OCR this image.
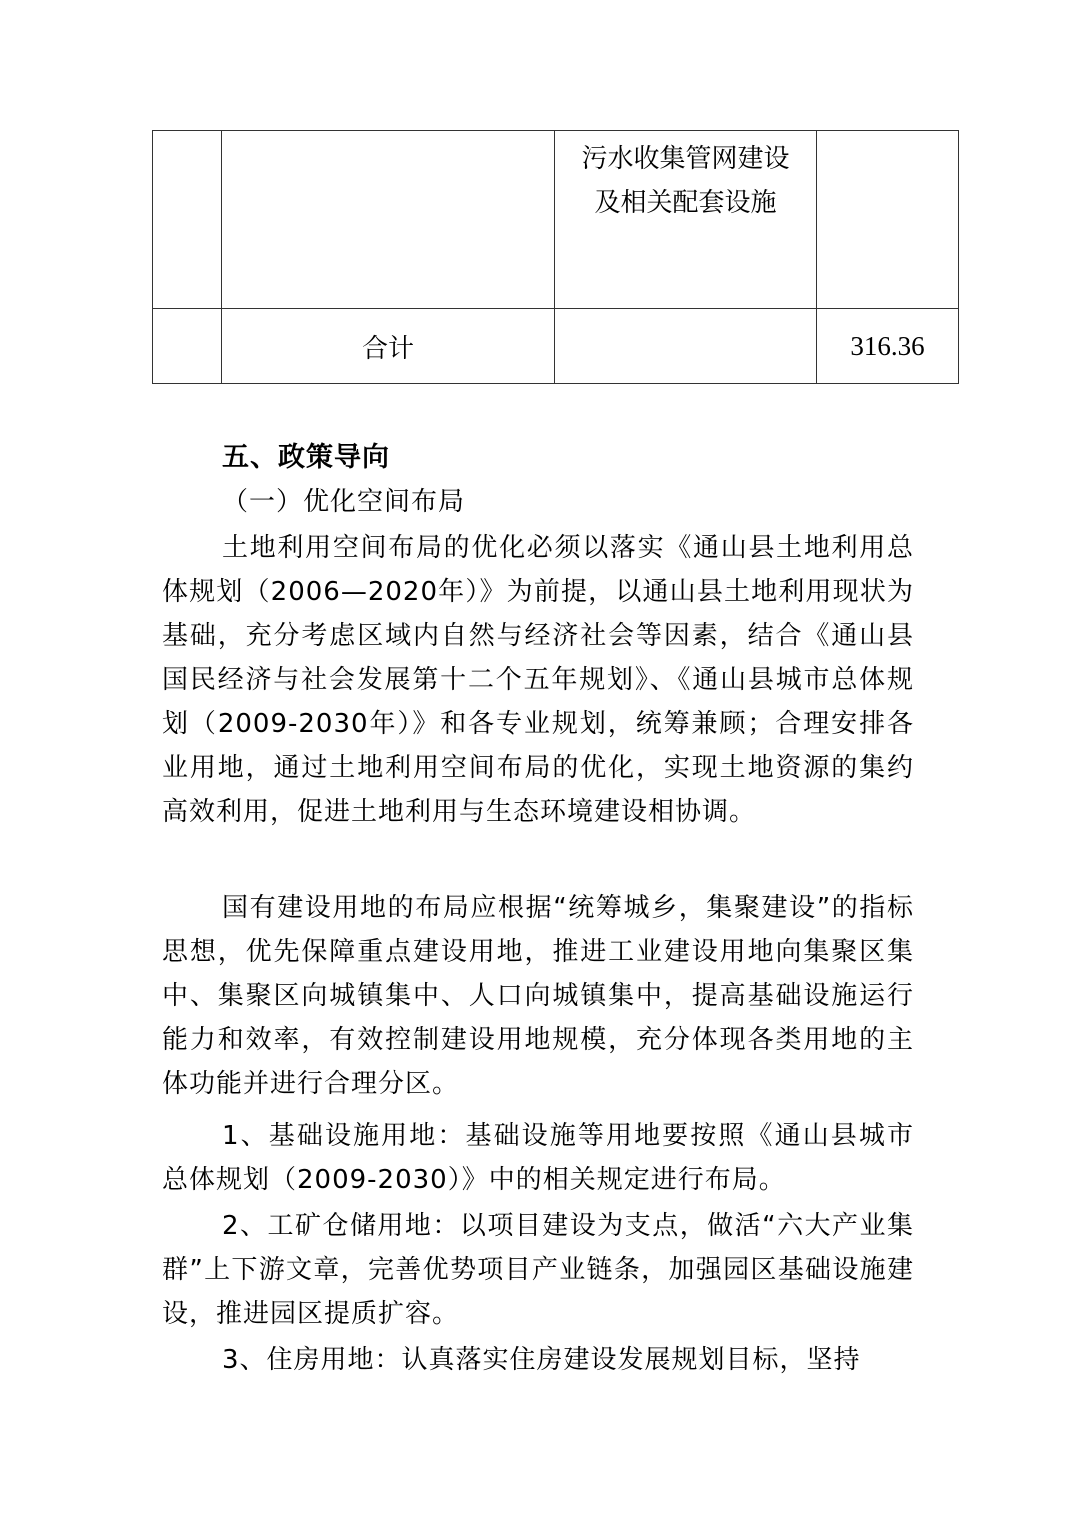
		污水收集管网建设
及相关配套设施	

	合计		316.36
五、政策导向
（一）优化空间布局
土地利用空间布局的优化必须以落实《通山县土地利用总体规划（2006—2020年）》为前提，以通山县土地利用现状为基础，充分考虑区域内自然与经济社会等因素，结合《通山县国民经济与社会发展第十二个五年规划》、《通山县城市总体规划（2009-2030年）》和各专业规划，统筹兼顾；合理安排各业用地，通过土地利用空间布局的优化，实现土地资源的集约高效利用，促进土地利用与生态环境建设相协调。
国有建设用地的布局应根据“统筹城乡，集聚建设”的指标思想，优先保障重点建设用地，推进工业建设用地向集聚区集中、集聚区向城镇集中、人口向城镇集中，提高基础设施运行能力和效率，有效控制建设用地规模，充分体现各类用地的主体功能并进行合理分区。
1、基础设施用地：基础设施等用地要按照《通山县城市总体规划（2009-2030）》中的相关规定进行布局。
2、工矿仓储用地：以项目建设为支点，做活“六大产业集群”上下游文章，完善优势项目产业链条，加强园区基础设施建设，推进园区提质扩容。
3、住房用地：认真落实住房建设发展规划目标，坚持
